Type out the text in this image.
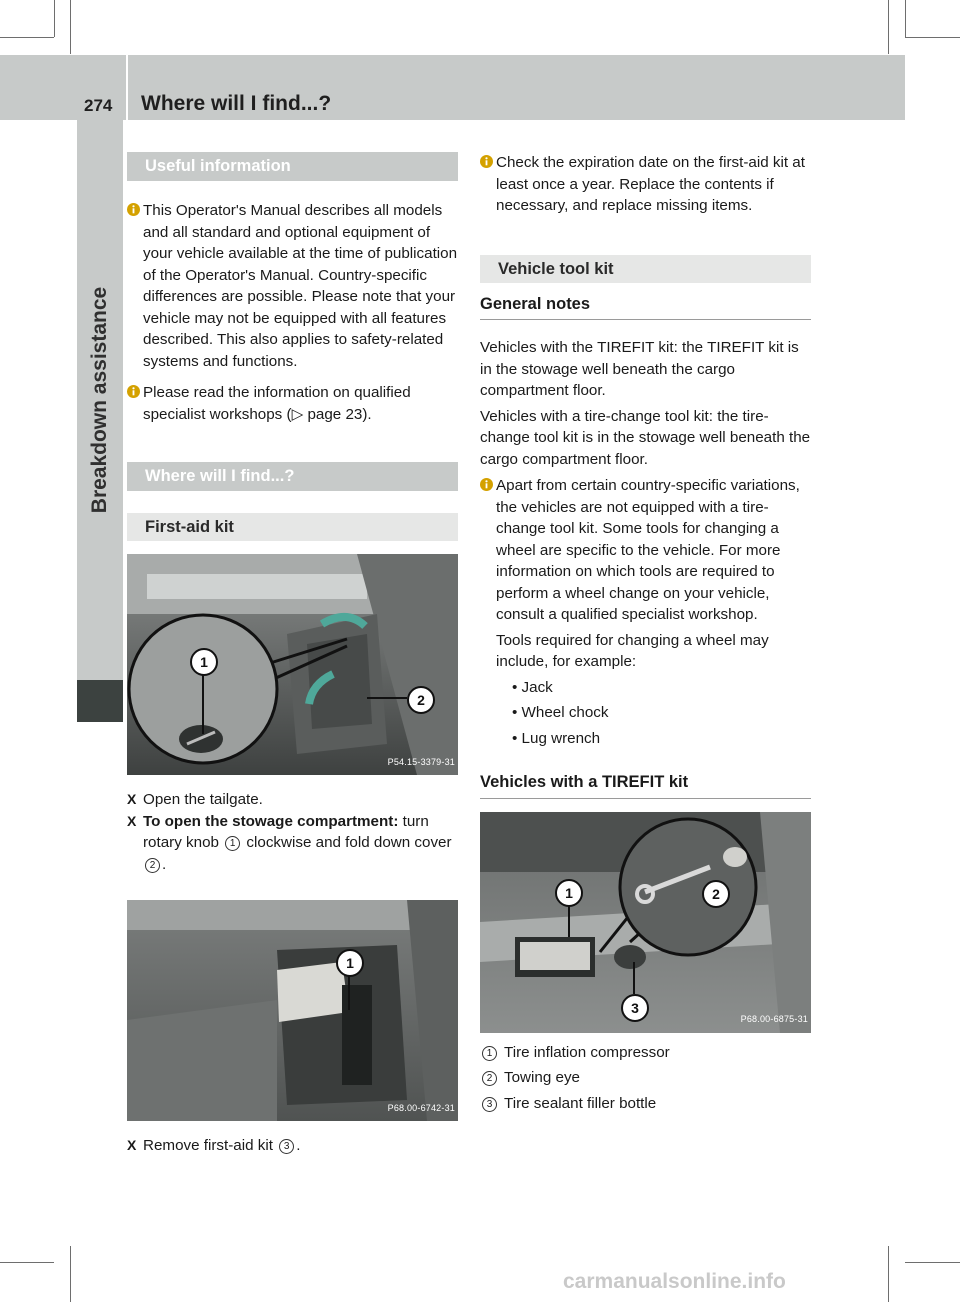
274 Where will I find...?
Breakdown assistance
Useful information

This Operator's Manual describes all models and all standard and optional equipment of your vehicle available at the time of publication of the Operator's Manual. Country-specific differences are possible. Please note that your vehicle may not be equipped with all features described. This also applies to safety-related systems and functions.

Please read the information on qualified specialist workshops (▷ page 23).

Where will I find...?
First-aid kit
1
2
P54.15-3379-31
X Open the tailgate.
X To open the stowage compartment: turn rotary knob 1 clockwise and fold down cover 2 .
1
P68.00-6742-31
X Remove first-aid kit 3 .

Check the expiration date on the first-aid kit at least once a year. Replace the contents if necessary, and replace missing items.

Vehicle tool kit
General notes

Vehicles with the TIREFIT kit: the TIREFIT kit is in the stowage well beneath the cargo compartment floor.

Vehicles with a tire-change tool kit: the tire-change tool kit is in the stowage well beneath the cargo compartment floor.

Apart from certain country-specific variations, the vehicles are not equipped with a tire-change tool kit. Some tools for changing a wheel are specific to the vehicle. For more information on which tools are required to perform a wheel change on your vehicle, consult a qualified specialist workshop.

Tools required for changing a wheel may include, for example:

• Jack
• Wheel chock
• Lug wrench
Vehicles with a TIREFIT kit
1	2
3
P68.00-6875-31
1 Tire inflation compressor
2 Towing eye
3 Tire sealant filler bottle
carmanualsonline.info
